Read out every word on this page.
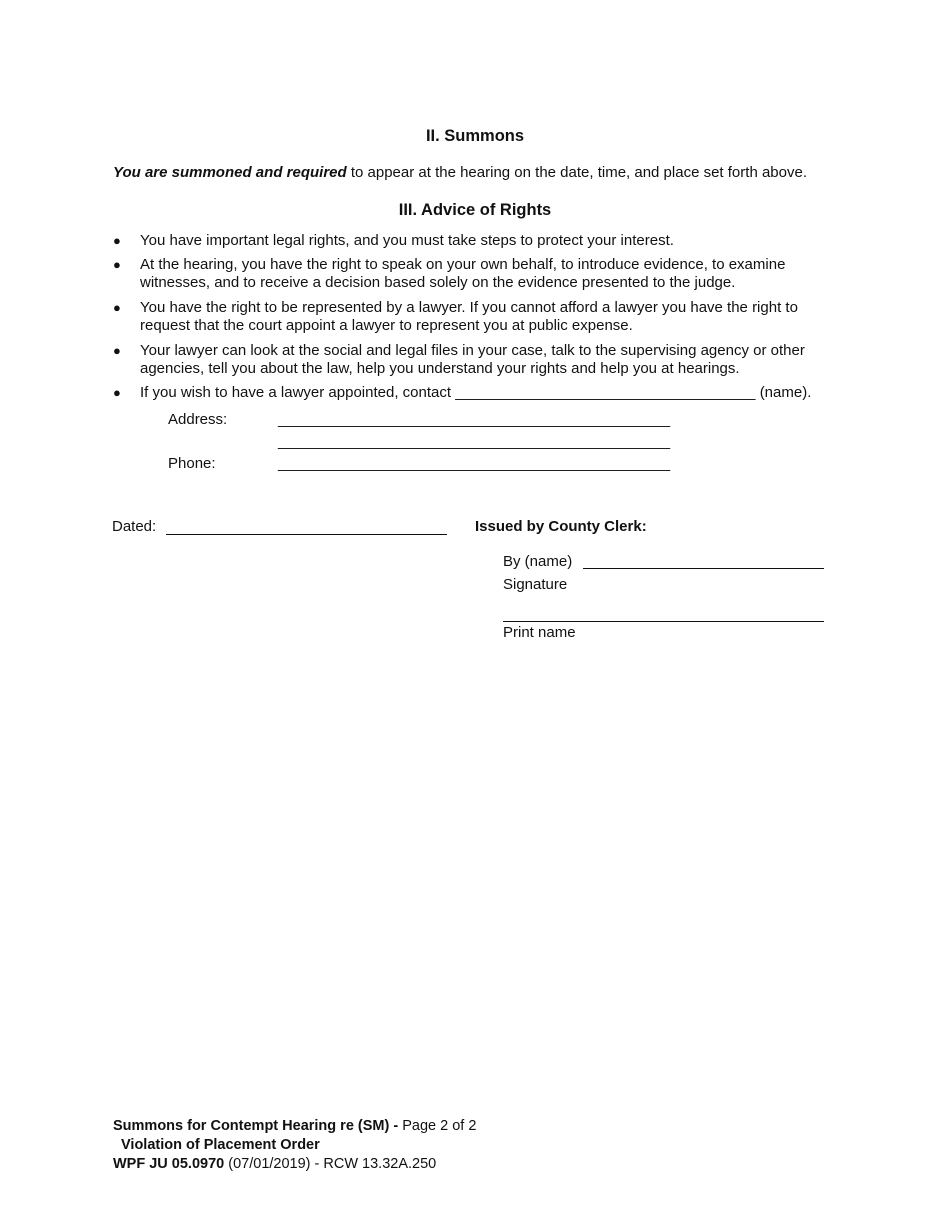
II. Summons
You are summoned and required to appear at the hearing on the date, time, and place set forth above.
III. Advice of Rights
● You have important legal rights, and you must take steps to protect your interest.
● At the hearing, you have the right to speak on your own behalf, to introduce evidence, to examine
witnesses, and to receive a decision based solely on the evidence presented to the judge.
● You have the right to be represented by a lawyer. If you cannot afford a lawyer you have the right to
request that the court appoint a lawyer to represent you at public expense.
● Your lawyer can look at the social and legal files in your case, talk to the supervising agency or other
agencies, tell you about the law, help you understand your rights and help you at hearings.
● If you wish to have a lawyer appointed, contact ____________________________________ (name).
Address:	_______________________________________________
_______________________________________________
Phone:	_______________________________________________
Dated:	Issued by County Clerk:
By (name)
Signature
Print name
Summons for Contempt Hearing re (SM) - Page 2 of 2
Violation of Placement Order
WPF JU 05.0970 (07/01/2019) - RCW 13.32A.250
